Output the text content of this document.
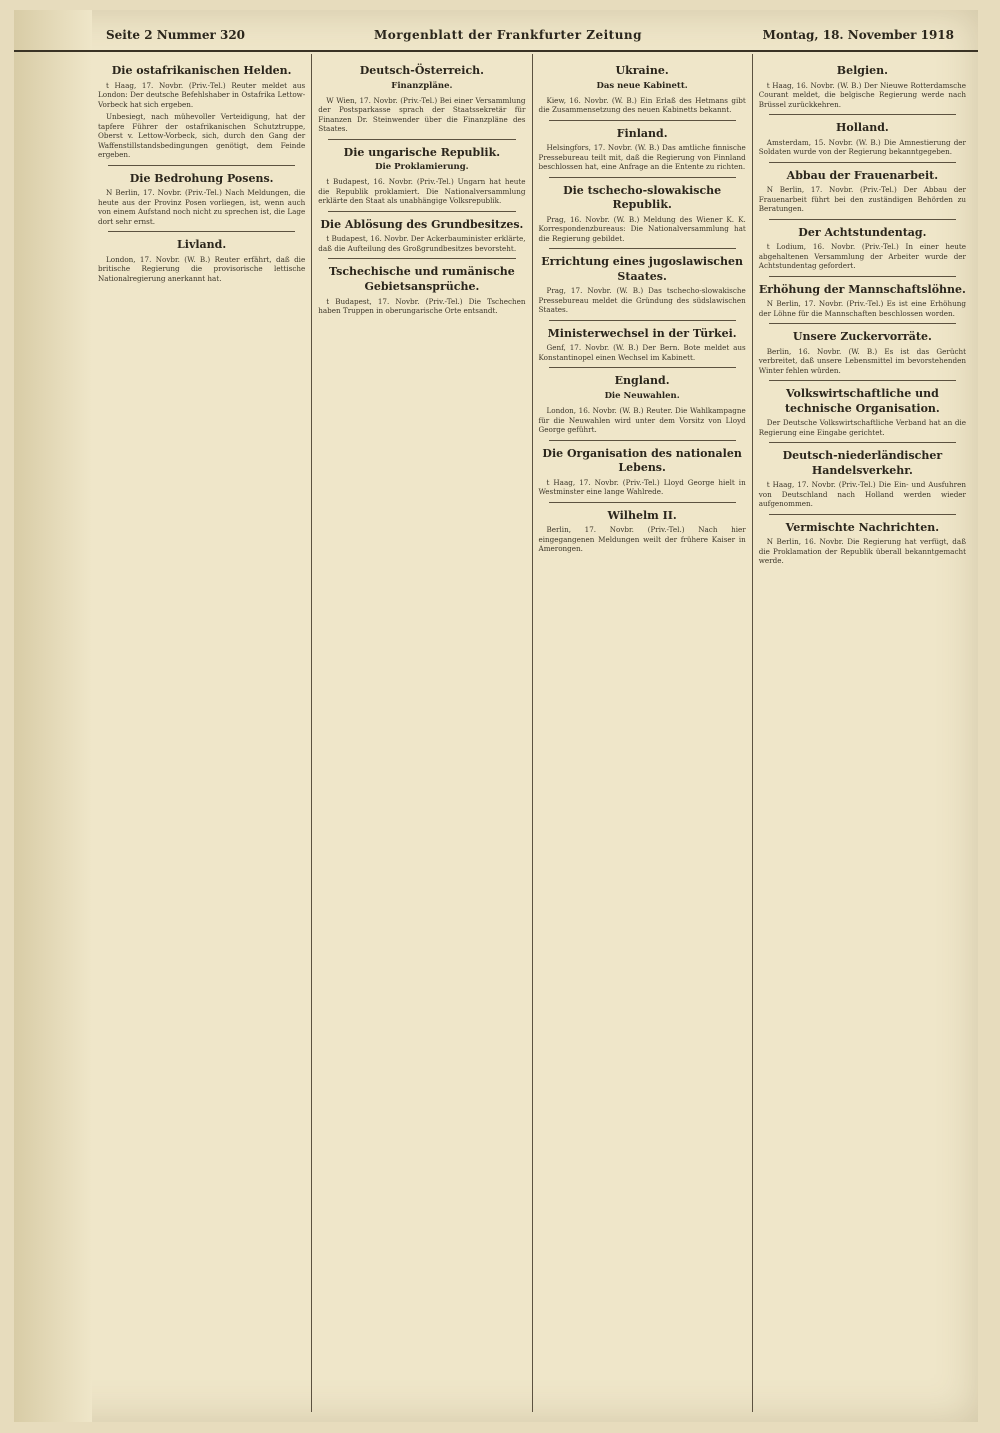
Seite 2 Nummer 320	Morgenblatt der Frankfurter Zeitung	Montag, 18. November 1918
Die ostafrikanischen Helden.

t Haag, 17. Novbr. (Priv.-Tel.) Reuter meldet aus London: Der deutsche Befehlshaber in Ostafrika Lettow-Vorbeck hat sich ergeben.

Unbesiegt, nach mühevoller Verteidigung, hat der tapfere Führer der ostafrikanischen Schutztruppe, Oberst v. Lettow-Vorbeck, sich, durch den Gang der Waffenstillstandsbedingungen genötigt, dem Feinde ergeben.

Die Bedrohung Posens.

N Berlin, 17. Novbr. (Priv.-Tel.) Nach Meldungen, die heute aus der Provinz Posen vorliegen, ist, wenn auch von einem Aufstand noch nicht zu sprechen ist, die Lage dort sehr ernst.

Livland.

London, 17. Novbr. (W. B.) Reuter erfährt, daß die britische Regierung die provisorische lettische Nationalregierung anerkannt hat.

Deutsch-Österreich.
Finanzpläne.

W Wien, 17. Novbr. (Priv.-Tel.) Bei einer Versammlung der Postsparkasse sprach der Staatssekretär für Finanzen Dr. Steinwender über die Finanzpläne des Staates.

Die ungarische Republik.
Die Proklamierung.

t Budapest, 16. Novbr. (Priv.-Tel.) Ungarn hat heute die Republik proklamiert. Die Nationalversammlung erklärte den Staat als unabhängige Volksrepublik.

Die Ablösung des Grundbesitzes.

t Budapest, 16. Novbr. Der Ackerbauminister erklärte, daß die Aufteilung des Großgrundbesitzes bevorsteht.

Tschechische und rumänische Gebietsansprüche.

t Budapest, 17. Novbr. (Priv.-Tel.) Die Tschechen haben Truppen in oberungarische Orte entsandt.

Ukraine.
Das neue Kabinett.

Kiew, 16. Novbr. (W. B.) Ein Erlaß des Hetmans gibt die Zusammensetzung des neuen Kabinetts bekannt.

Finland.

Helsingfors, 17. Novbr. (W. B.) Das amtliche finnische Pressebureau teilt mit, daß die Regierung von Finnland beschlossen hat, eine Anfrage an die Entente zu richten.

Die tschecho-slowakische Republik.

Prag, 16. Novbr. (W. B.) Meldung des Wiener K. K. Korrespondenzbureaus: Die Nationalversammlung hat die Regierung gebildet.

Errichtung eines jugoslawischen Staates.

Prag, 17. Novbr. (W. B.) Das tschecho-slowakische Pressebureau meldet die Gründung des südslawischen Staates.

Ministerwechsel in der Türkei.

Genf, 17. Novbr. (W. B.) Der Bern. Bote meldet aus Konstantinopel einen Wechsel im Kabinett.

England.
Die Neuwahlen.

London, 16. Novbr. (W. B.) Reuter. Die Wahlkampagne für die Neuwahlen wird unter dem Vorsitz von Lloyd George geführt.

Die Organisation des nationalen Lebens.

t Haag, 17. Novbr. (Priv.-Tel.) Lloyd George hielt in Westminster eine lange Wahlrede.

Wilhelm II.

Berlin, 17. Novbr. (Priv.-Tel.) Nach hier eingegangenen Meldungen weilt der frühere Kaiser in Amerongen.

Belgien.

t Haag, 16. Novbr. (W. B.) Der Nieuwe Rotterdamsche Courant meldet, die belgische Regierung werde nach Brüssel zurückkehren.

Holland.

Amsterdam, 15. Novbr. (W. B.) Die Amnestierung der Soldaten wurde von der Regierung bekanntgegeben.

Abbau der Frauenarbeit.

N Berlin, 17. Novbr. (Priv.-Tel.) Der Abbau der Frauenarbeit führt bei den zuständigen Behörden zu Beratungen.

Der Achtstundentag.

t Lodium, 16. Novbr. (Priv.-Tel.) In einer heute abgehaltenen Versammlung der Arbeiter wurde der Achtstundentag gefordert.

Erhöhung der Mannschaftslöhne.

N Berlin, 17. Novbr. (Priv.-Tel.) Es ist eine Erhöhung der Löhne für die Mannschaften beschlossen worden.

Unsere Zuckervorräte.

Berlin, 16. Novbr. (W. B.) Es ist das Gerücht verbreitet, daß unsere Lebensmittel im bevorstehenden Winter fehlen würden.

Volkswirtschaftliche und technische Organisation.

Der Deutsche Volkswirtschaftliche Verband hat an die Regierung eine Eingabe gerichtet.

Deutsch-niederländischer Handelsverkehr.

t Haag, 17. Novbr. (Priv.-Tel.) Die Ein- und Ausfuhren von Deutschland nach Holland werden wieder aufgenommen.

Vermischte Nachrichten.

N Berlin, 16. Novbr. Die Regierung hat verfügt, daß die Proklamation der Republik überall bekanntgemacht werde.
